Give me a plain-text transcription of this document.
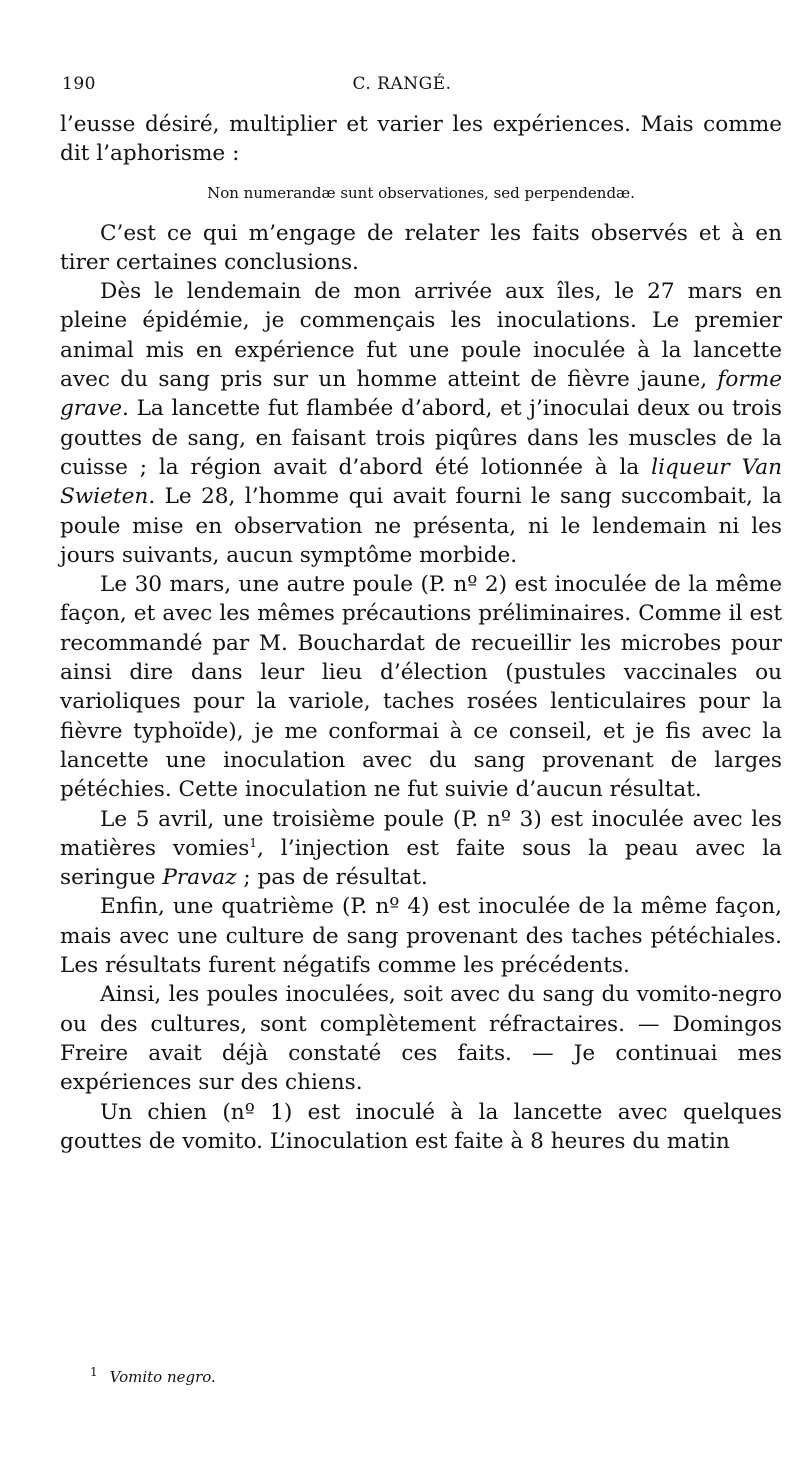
190	C. RANGÉ.

l’eusse désiré, multiplier et varier les expériences. Mais comme dit l’aphorisme :

Non numerandæ sunt observationes, sed perpendendæ.

C’est ce qui m’engage de relater les faits observés et à en tirer certaines conclusions.

Dès le lendemain de mon arrivée aux îles, le 27 mars en pleine épidémie, je commençais les inoculations. Le premier animal mis en expérience fut une poule inoculée à la lancette avec du sang pris sur un homme atteint de fièvre jaune, forme grave. La lancette fut flambée d’abord, et j’inoculai deux ou trois gouttes de sang, en faisant trois piqûres dans les muscles de la cuisse ; la région avait d’abord été lotionnée à la liqueur Van Swieten. Le 28, l’homme qui avait fourni le sang succombait, la poule mise en observation ne présenta, ni le lendemain ni les jours suivants, aucun symptôme morbide.

Le 30 mars, une autre poule (P. nº 2) est inoculée de la même façon, et avec les mêmes précautions préliminaires. Comme il est recommandé par M. Bouchardat de recueillir les microbes pour ainsi dire dans leur lieu d’élection (pustules vaccinales ou varioliques pour la variole, taches rosées lenticulaires pour la fièvre typhoïde), je me conformai à ce conseil, et je fis avec la lancette une inoculation avec du sang provenant de larges pétéchies. Cette inoculation ne fut suivie d’aucun résultat.

Le 5 avril, une troisième poule (P. nº 3) est inoculée avec les matières vomies$^1$, l’injection est faite sous la peau avec la seringue Pravaz ; pas de résultat.

Enfin, une quatrième (P. nº 4) est inoculée de la même façon, mais avec une culture de sang provenant des taches pétéchiales. Les résultats furent négatifs comme les précédents.

Ainsi, les poules inoculées, soit avec du sang du vomito-negro ou des cultures, sont complètement réfractaires. — Domingos Freire avait déjà constaté ces faits. — Je continuai mes expériences sur des chiens.

Un chien (nº 1) est inoculé à la lancette avec quelques gouttes de vomito. L’inoculation est faite à 8 heures du matin

$^1$ Vomito negro.
